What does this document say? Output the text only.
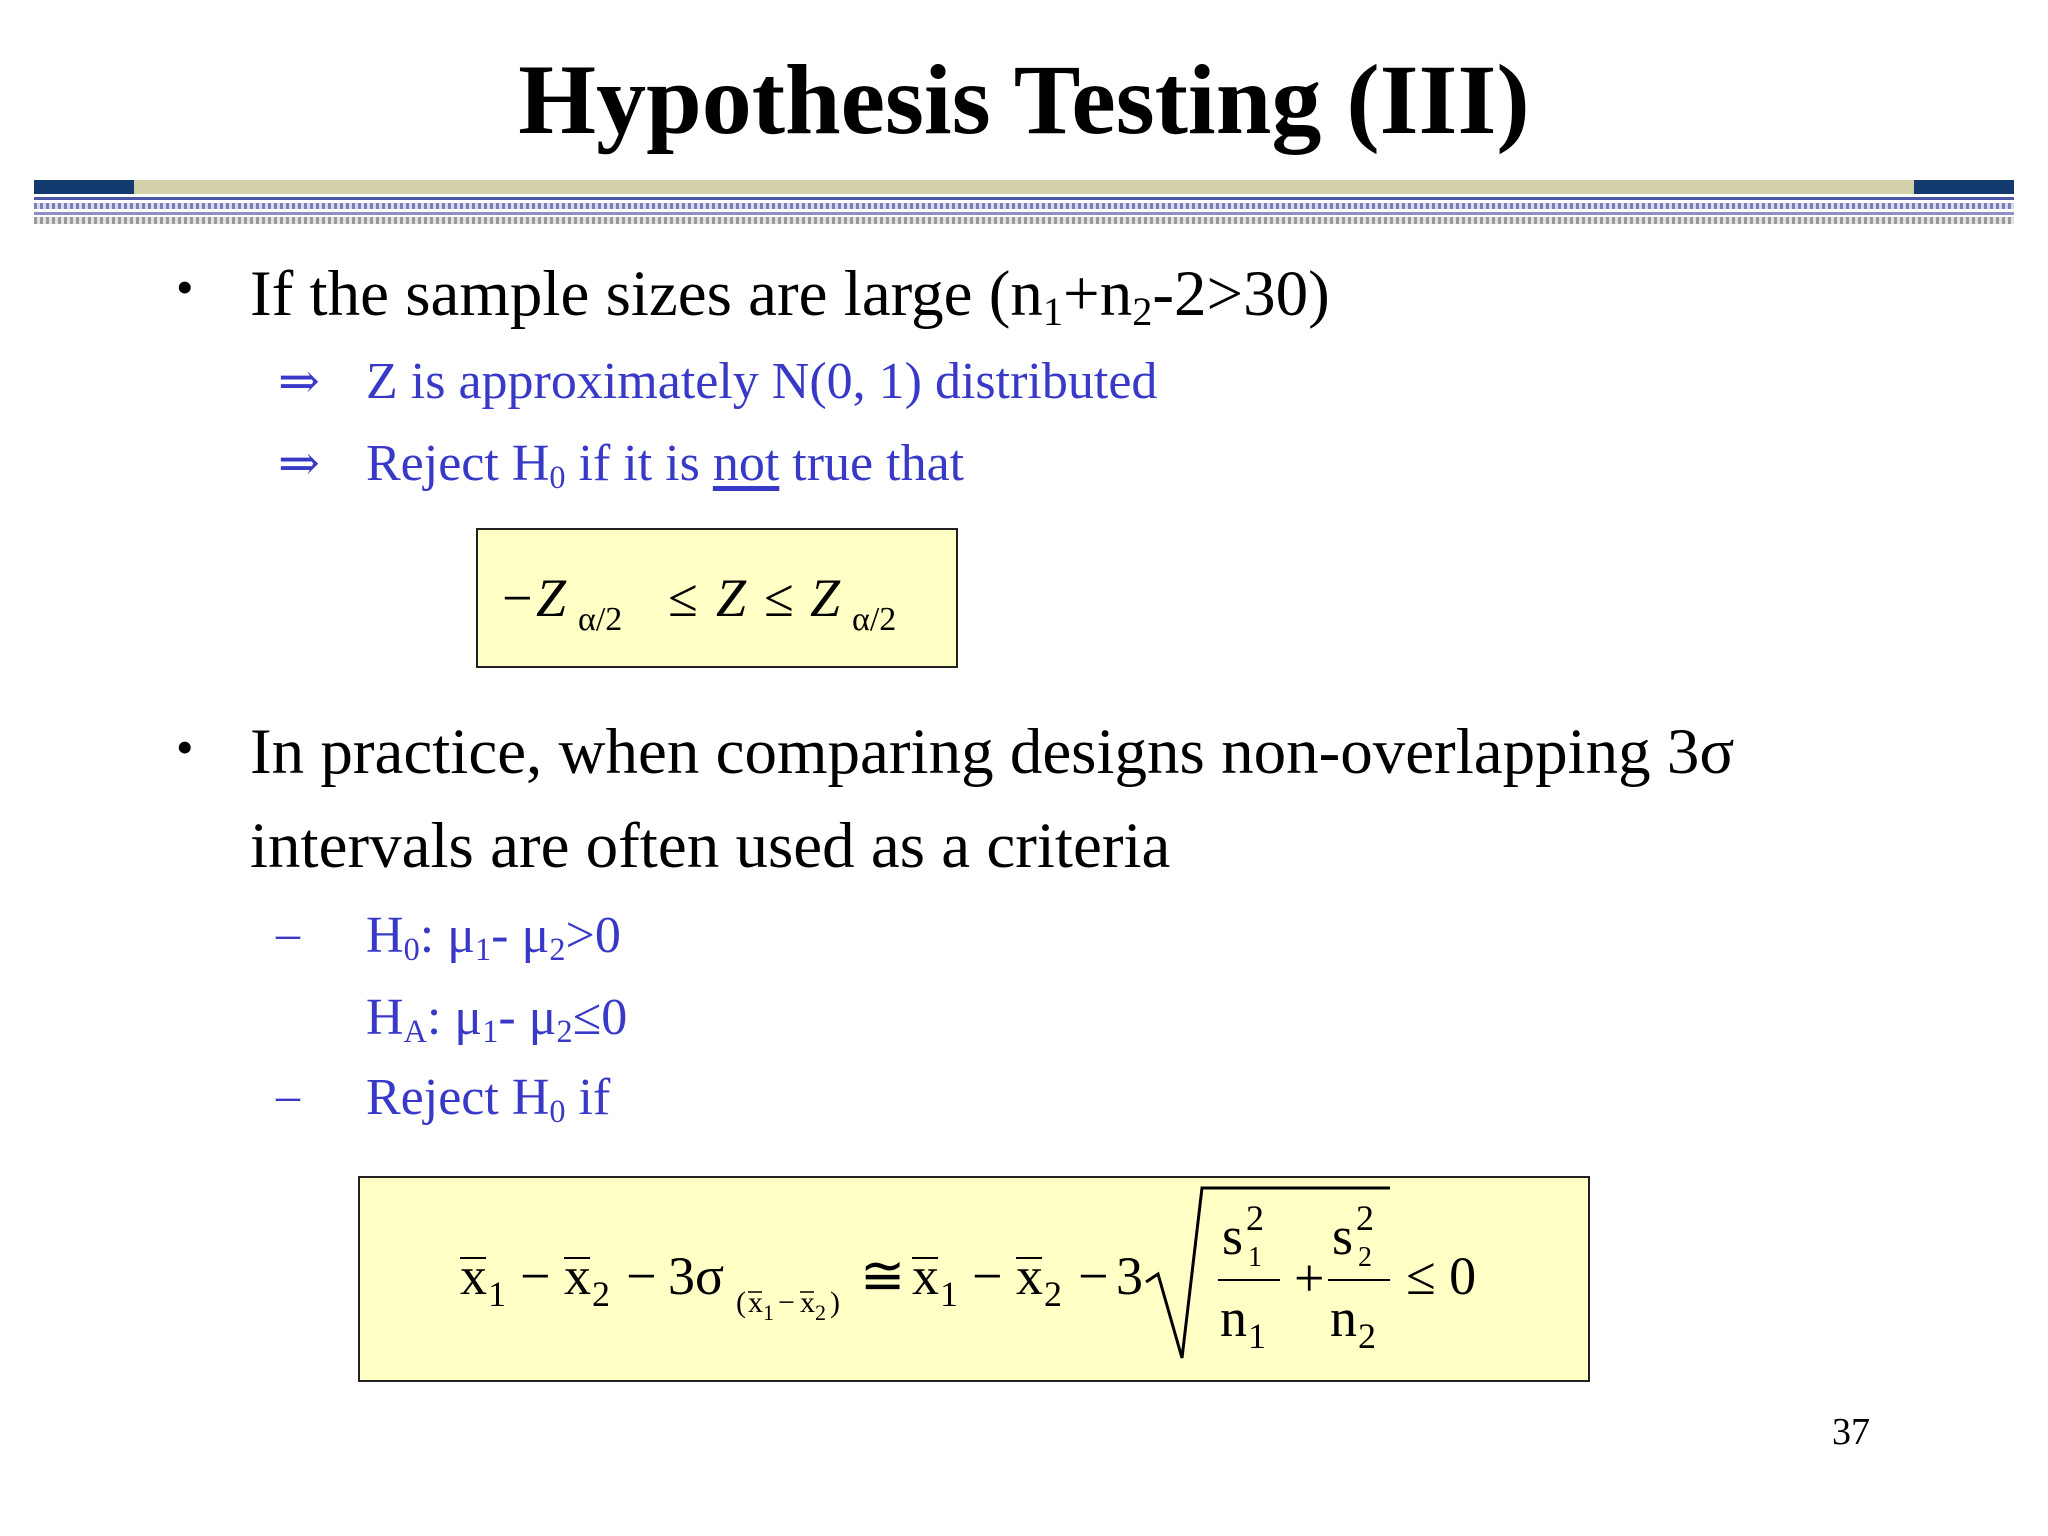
Hypothesis Testing (III)
• If the sample sizes are large $(n_1+n_2-2>30)$
⇒ Z is approximately N(0, 1) distributed
⇒ Reject $H_0$ if it is not true that
− Z α/2 ≤ Z ≤ Z α/2
• In practice, when comparing designs non-overlapping 3σ
intervals are often used as a criteria
– $H_0$: $\mu_1-$ $\mu_2>0$
$H_A$: $\mu_1-$ $\mu_2\le 0$
– Reject $H_0$ if
x 1 − x 2 − 3σ ( x 1 − x 2 ) ≅ x 1 − x 2 − 3
s 2
1
n 1
+
s 2
2
n 2
≤ 0
37
